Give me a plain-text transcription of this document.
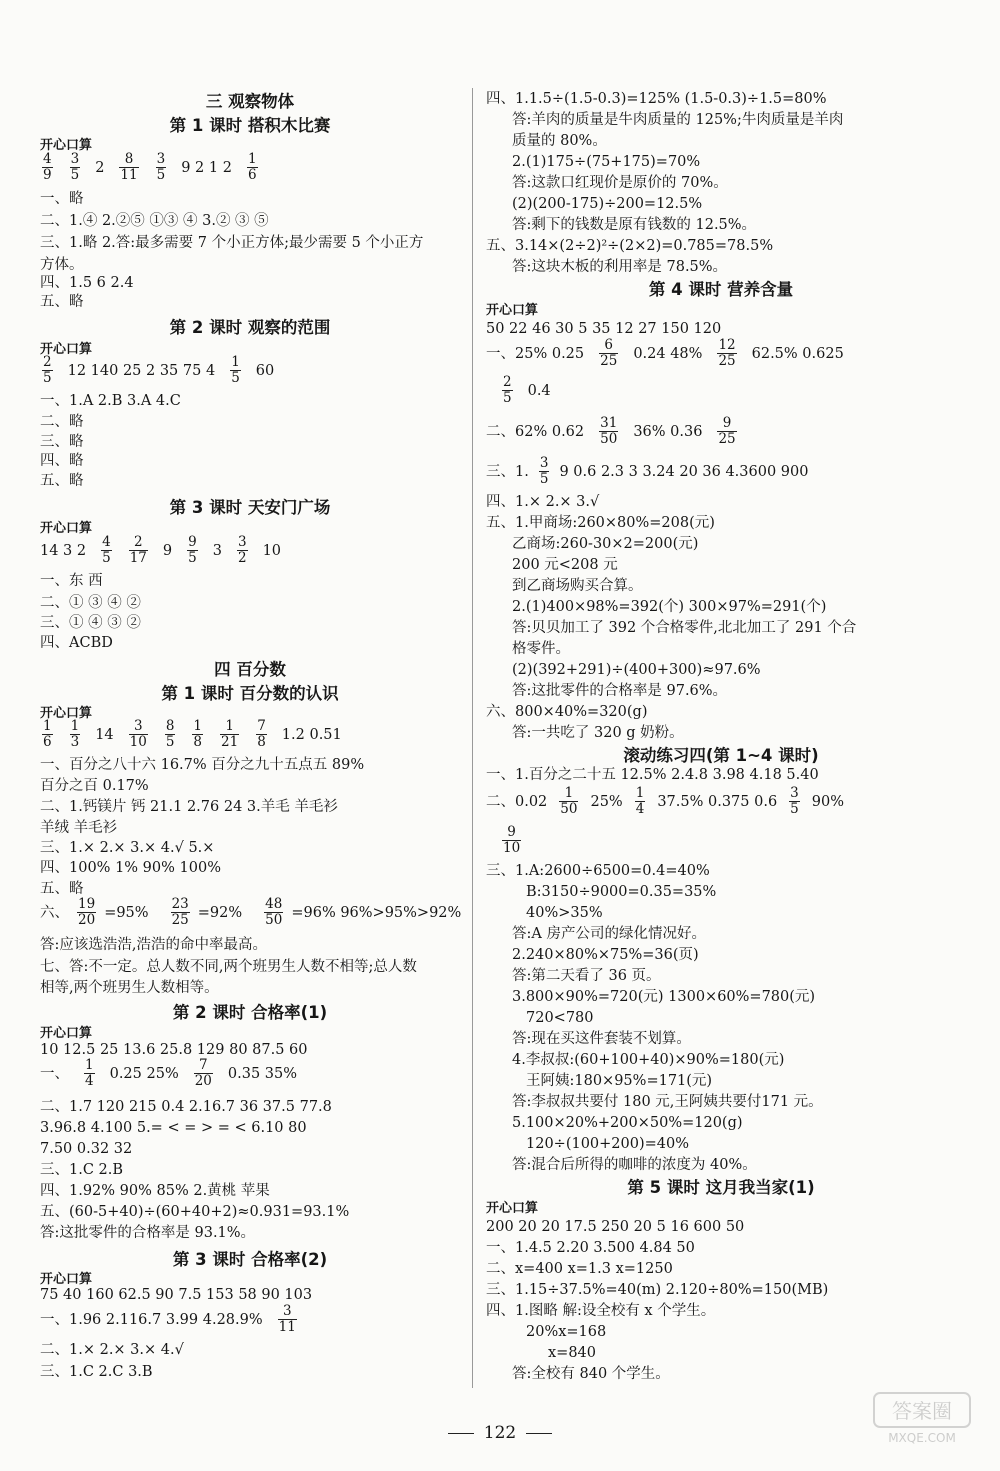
三 观察物体
第 1 课时 搭积木比赛
开心口算
$\frac{4}{9} \frac{3}{5} 2 \frac{8}{11} \frac{3}{5} 9$ 2 1 $2 \frac{1}{6}$
一、略
二、1.④ 2.②⑤ ①③ ④ 3.② ③ ⑤
三、1.略 2.答:最多需要 7 个小正方体;最少需要 5 个小正方
方体。
四、1.5 6 2.4
五、略
第 2 课时 观察的范围
开心口算
$\frac{2}{5} 12$ 140 25 2 35 75 $4 \frac{1}{5} 60$
一、1.A 2.B 3.A 4.C
二、略
三、略
四、略
五、略
第 3 课时 天安门广场
开心口算
14 3 $2 \frac{4}{5} \frac{2}{17} 9 \frac{9}{5} 3 \frac{3}{2} 10$
一、东 西
二、① ③ ④ ②
三、① ④ ③ ②
四、ACBD
四 百分数
第 1 课时 百分数的认识
开心口算
$\frac{1}{6} \frac{1}{3} 14 \frac{3}{10} \frac{8}{5} \frac{1}{8} \frac{1}{21} \frac{7}{8} 1.2$ 0.51
一、百分之八十六 16.7% 百分之九十五点五 89%
百分之百 0.17%
二、1.钙镁片 钙 21.1 2.76 24 3.羊毛 羊毛衫
羊绒 羊毛衫
三、1.× 2.× 3.× 4.√ 5.×
四、100% 1% 90% 100%
五、略
六、 $\frac{19}{20} =95\% \frac{23}{25} =92\% \frac{48}{50} =96\%$ 96%>95%>92%
答:应该选浩浩,浩浩的命中率最高。
七、答:不一定。总人数不同,两个班男生人数不相等;总人数
相等,两个班男生人数相等。
第 2 课时 合格率(1)
开心口算
10 12.5 25 13.6 25.8 129 80 87.5 60
一、 $\frac{1}{4} 0.25$ $25\% \frac{7}{20} 0.35$ 35%
二、1.7 120 215 0.4 2.16.7 36 37.5 77.8
3.96.8 4.100 5.= < = > = < 6.10 80
7.50 0.32 32
三、1.C 2.B
四、1.92% 90% 85% 2.黄桃 苹果
五、(60-5+40)÷(60+40+2)≈0.931=93.1%
答:这批零件的合格率是 93.1%。
第 3 课时 合格率(2)
开心口算
75 40 160 62.5 90 7.5 153 58 90 103
一、1.96 2.116.7 3.99 $4.28.9\% \frac{3}{11}$
二、1.× 2.× 3.× 4.√
三、1.C 2.C 3.B
四、1.1.5÷(1.5-0.3)=125% (1.5-0.3)÷1.5=80%
答:羊肉的质量是牛肉质量的 125%;牛肉质量是羊肉
质量的 80%。
2.(1)175÷(75+175)=70%
答:这款口红现价是原价的 70%。
(2)(200-175)÷200=12.5%
答:剩下的钱数是原有钱数的 12.5%。
五、3.14×(2÷2)²÷(2×2)=0.785=78.5%
答:这块木板的利用率是 78.5%。
第 4 课时 营养含量
开心口算
50 22 46 30 5 35 12 27 150 120
一、25% $0.25 \frac{6}{25} 0.24$ $48\% \frac{12}{25} 62.5\%$ 0.625
$\frac{2}{5} 0.4$
二、62% $0.62 \frac{31}{50} 36\%$ $0.36 \frac{9}{25}$
三、1. $\frac{3}{5} 9$ 0.6 2.3 3 3.24 20 36 4.3600 900
四、1.× 2.× 3.√
五、1.甲商场:260×80%=208(元)
乙商场:260-30×2=200(元)
200 元<208 元
到乙商场购买合算。
2.(1)400×98%=392(个) 300×97%=291(个)
答:贝贝加工了 392 个合格零件,北北加工了 291 个合
格零件。
(2)(392+291)÷(400+300)≈97.6%
答:这批零件的合格率是 97.6%。
六、800×40%=320(g)
答:一共吃了 320 g 奶粉。
滚动练习四(第 1~4 课时)
一、1.百分之二十五 12.5% 2.4.8 3.98 4.18 5.40
二、$0.02 \frac{1}{50} 25\% \frac{1}{4} 37.5\%$ 0.375 $0.6 \frac{3}{5} 90\%$
$\frac{9}{10}$
三、1.A:2600÷6500=0.4=40%
B:3150÷9000=0.35=35%
40%>35%
答:A 房产公司的绿化情况好。
2.240×80%×75%=36(页)
答:第二天看了 36 页。
3.800×90%=720(元) 1300×60%=780(元)
720<780
答:现在买这件套装不划算。
4.李叔叔:(60+100+40)×90%=180(元)
王阿姨:180×95%=171(元)
答:李叔叔共要付 180 元,王阿姨共要付171 元。
5.100×20%+200×50%=120(g)
120÷(100+200)=40%
答:混合后所得的咖啡的浓度为 40%。
第 5 课时 这月我当家(1)
开心口算
200 20 20 17.5 250 20 5 16 600 50
一、1.4.5 2.20 3.500 4.84 50
二、x=400 x=1.3 x=1250
三、1.15÷37.5%=40(m) 2.120÷80%=150(MB)
四、1.图略 解:设全校有 x 个学生。
20%x=168
x=840
答:全校有 840 个学生。
122
答案圈
MXQE.COM
